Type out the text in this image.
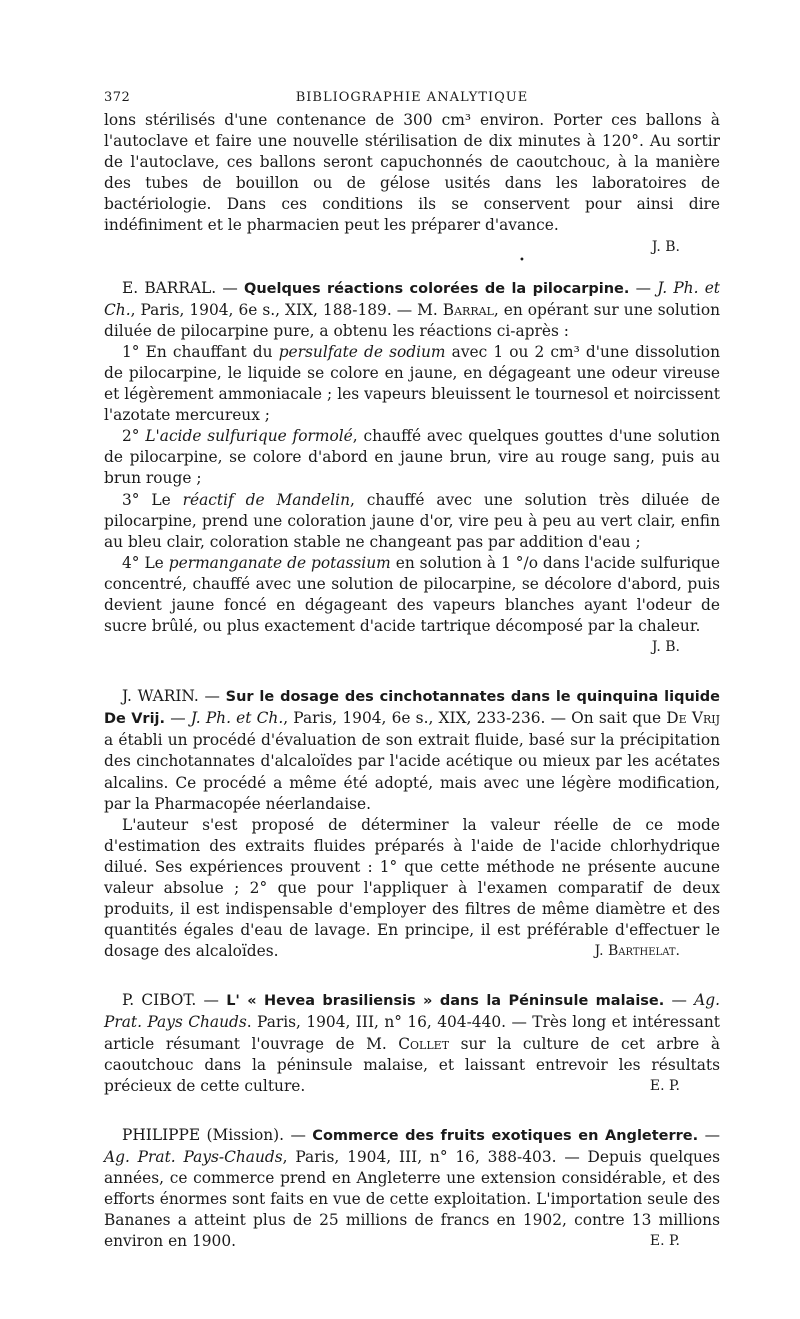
372	BIBLIOGRAPHIE ANALYTIQUE

lons stérilisés d'une contenance de 300 cm³ environ. Porter ces ballons à l'autoclave et faire une nouvelle stérilisation de dix minutes à 120°. Au sortir de l'autoclave, ces ballons seront capuchonnés de caoutchouc, à la manière des tubes de bouillon ou de gélose usités dans les laboratoires de bactériologie. Dans ces conditions ils se conservent pour ainsi dire indéfiniment et le pharmacien peut les préparer d'avance.

J. B.
•

E. BARRAL. — Quelques réactions colorées de la pilocarpine. — J. Ph. et Ch., Paris, 1904, 6e s., XIX, 188-189. — M. Barral, en opérant sur une solution diluée de pilocarpine pure, a obtenu les réactions ci-après :

1° En chauffant du persulfate de sodium avec 1 ou 2 cm³ d'une dissolution de pilocarpine, le liquide se colore en jaune, en dégageant une odeur vireuse et légèrement ammoniacale ; les vapeurs bleuissent le tournesol et noircissent l'azotate mercureux ;

2° L'acide sulfurique formolé, chauffé avec quelques gouttes d'une solution de pilocarpine, se colore d'abord en jaune brun, vire au rouge sang, puis au brun rouge ;

3° Le réactif de Mandelin, chauffé avec une solution très diluée de pilocarpine, prend une coloration jaune d'or, vire peu à peu au vert clair, enfin au bleu clair, coloration stable ne changeant pas par addition d'eau ;

4° Le permanganate de potassium en solution à 1 °/o dans l'acide sulfurique concentré, chauffé avec une solution de pilocarpine, se décolore d'abord, puis devient jaune foncé en dégageant des vapeurs blanches ayant l'odeur de sucre brûlé, ou plus exactement d'acide tartrique décomposé par la chaleur.

J. B.

J. WARIN. — Sur le dosage des cinchotannates dans le quinquina liquide De Vrij. — J. Ph. et Ch., Paris, 1904, 6e s., XIX, 233-236. — On sait que De Vrij a établi un procédé d'évaluation de son extrait fluide, basé sur la précipitation des cinchotannates d'alcaloïdes par l'acide acétique ou mieux par les acétates alcalins. Ce procédé a même été adopté, mais avec une légère modification, par la Pharmacopée néerlandaise.

L'auteur s'est proposé de déterminer la valeur réelle de ce mode d'estimation des extraits fluides préparés à l'aide de l'acide chlorhydrique dilué. Ses expériences prouvent : 1° que cette méthode ne présente aucune valeur absolue ; 2° que pour l'appliquer à l'examen comparatif de deux produits, il est indispensable d'employer des filtres de même diamètre et des quantités égales d'eau de lavage. En principe, il est préférable d'effectuer le dosage des alcaloïdes.	J. Barthelat.

P. CIBOT. — L' « Hevea brasiliensis » dans la Péninsule malaise. — Ag. Prat. Pays Chauds. Paris, 1904, III, n° 16, 404-440. — Très long et intéressant article résumant l'ouvrage de M. Collet sur la culture de cet arbre à caoutchouc dans la péninsule malaise, et laissant entrevoir les résultats précieux de cette culture.	E. P.

PHILIPPE (Mission). — Commerce des fruits exotiques en Angleterre. — Ag. Prat. Pays-Chauds, Paris, 1904, III, n° 16, 388-403. — Depuis quelques années, ce commerce prend en Angleterre une extension considérable, et des efforts énormes sont faits en vue de cette exploitation. L'importation seule des Bananes a atteint plus de 25 millions de francs en 1902, contre 13 millions environ en 1900.	E. P.
